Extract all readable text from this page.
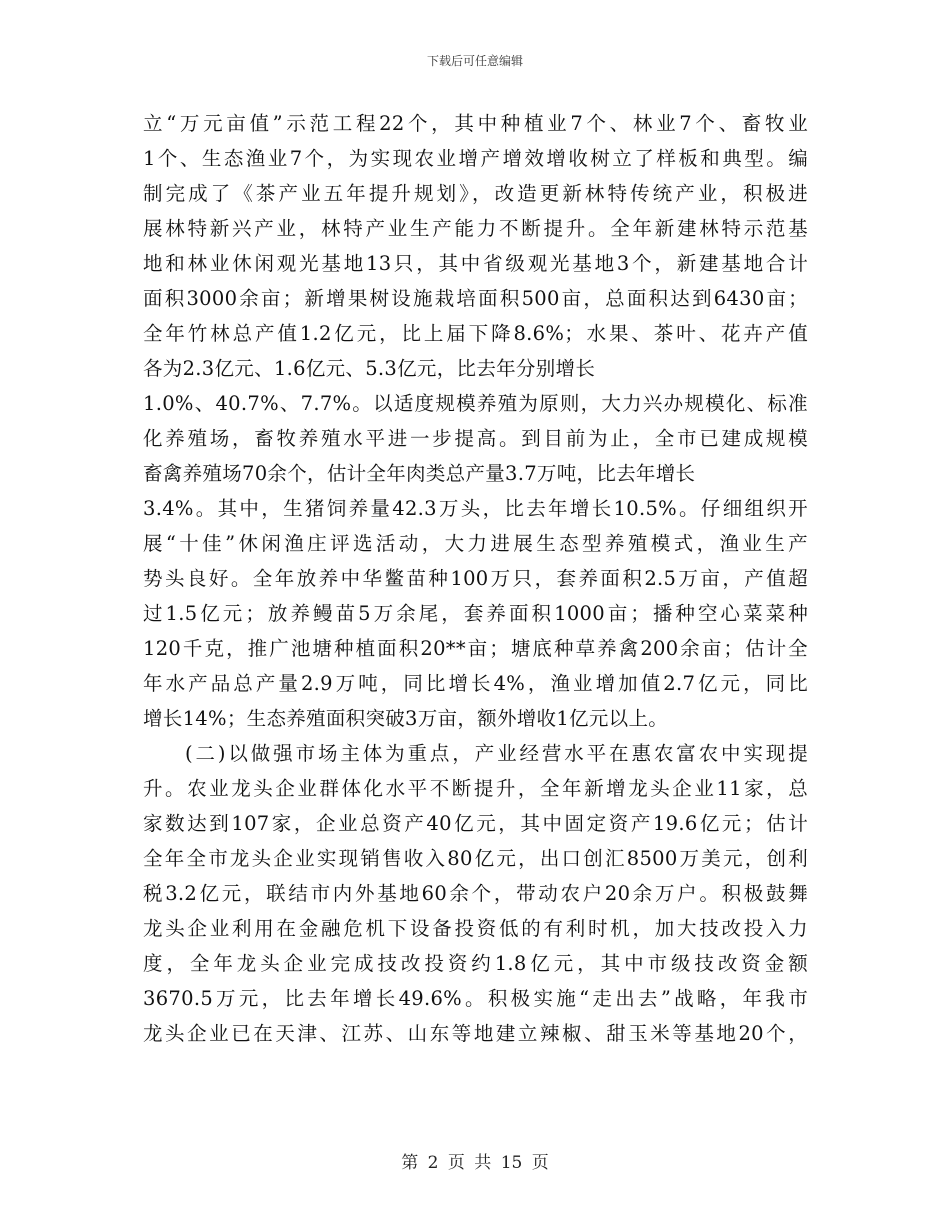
下载后可任意编辑
立“万元亩值”示范工程22个，其中种植业7个、林业7个、畜牧业
1个、生态渔业7个，为实现农业增产增效增收树立了样板和典型。编
制完成了《茶产业五年提升规划》，改造更新林特传统产业，积极进
展林特新兴产业，林特产业生产能力不断提升。全年新建林特示范基
地和林业休闲观光基地13只，其中省级观光基地3个，新建基地合计
面积3000余亩；新增果树设施栽培面积500亩，总面积达到6430亩；
全年竹林总产值1.2亿元，比上届下降8.6%；水果、茶叶、花卉产值
各为2.3亿元、1.6亿元、5.3亿元，比去年分别增长
1.0%、40.7%、7.7%。以适度规模养殖为原则，大力兴办规模化、标准
化养殖场，畜牧养殖水平进一步提高。到目前为止，全市已建成规模
畜禽养殖场70余个，估计全年肉类总产量3.7万吨，比去年增长
3.4%。其中，生猪饲养量42.3万头，比去年增长10.5%。仔细组织开
展“十佳”休闲渔庄评选活动，大力进展生态型养殖模式，渔业生产
势头良好。全年放养中华鳖苗种100万只，套养面积2.5万亩，产值超
过1.5亿元；放养鳗苗5万余尾，套养面积1000亩；播种空心菜菜种
120千克，推广池塘种植面积20**亩；塘底种草养禽200余亩；估计全
年水产品总产量2.9万吨，同比增长4%，渔业增加值2.7亿元，同比
增长14%；生态养殖面积突破3万亩，额外增收1亿元以上。
(二)以做强市场主体为重点，产业经营水平在惠农富农中实现提
升。农业龙头企业群体化水平不断提升，全年新增龙头企业11家，总
家数达到107家，企业总资产40亿元，其中固定资产19.6亿元；估计
全年全市龙头企业实现销售收入80亿元，出口创汇8500万美元，创利
税3.2亿元，联结市内外基地60余个，带动农户20余万户。积极鼓舞
龙头企业利用在金融危机下设备投资低的有利时机，加大技改投入力
度，全年龙头企业完成技改投资约1.8亿元，其中市级技改资金额
3670.5万元，比去年增长49.6%。积极实施“走出去”战略，年我市
龙头企业已在天津、江苏、山东等地建立辣椒、甜玉米等基地20个，
第 2 页 共 15 页
